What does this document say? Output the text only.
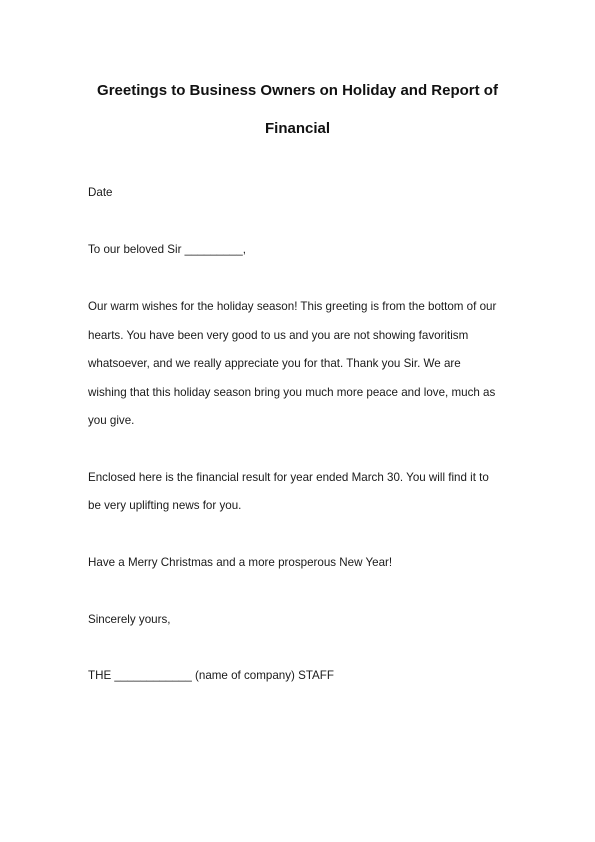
Greetings to Business Owners on Holiday and Report of
Financial
Date
To our beloved Sir _________,
Our warm wishes for the holiday season! This greeting is from the bottom of our
hearts. You have been very good to us and you are not showing favoritism
whatsoever, and we really appreciate you for that. Thank you Sir. We are
wishing that this holiday season bring you much more peace and love, much as
you give.
Enclosed here is the financial result for year ended March 30. You will find it to
be very uplifting news for you.
Have a Merry Christmas and a more prosperous New Year!
Sincerely yours,
THE ____________ (name of company) STAFF
